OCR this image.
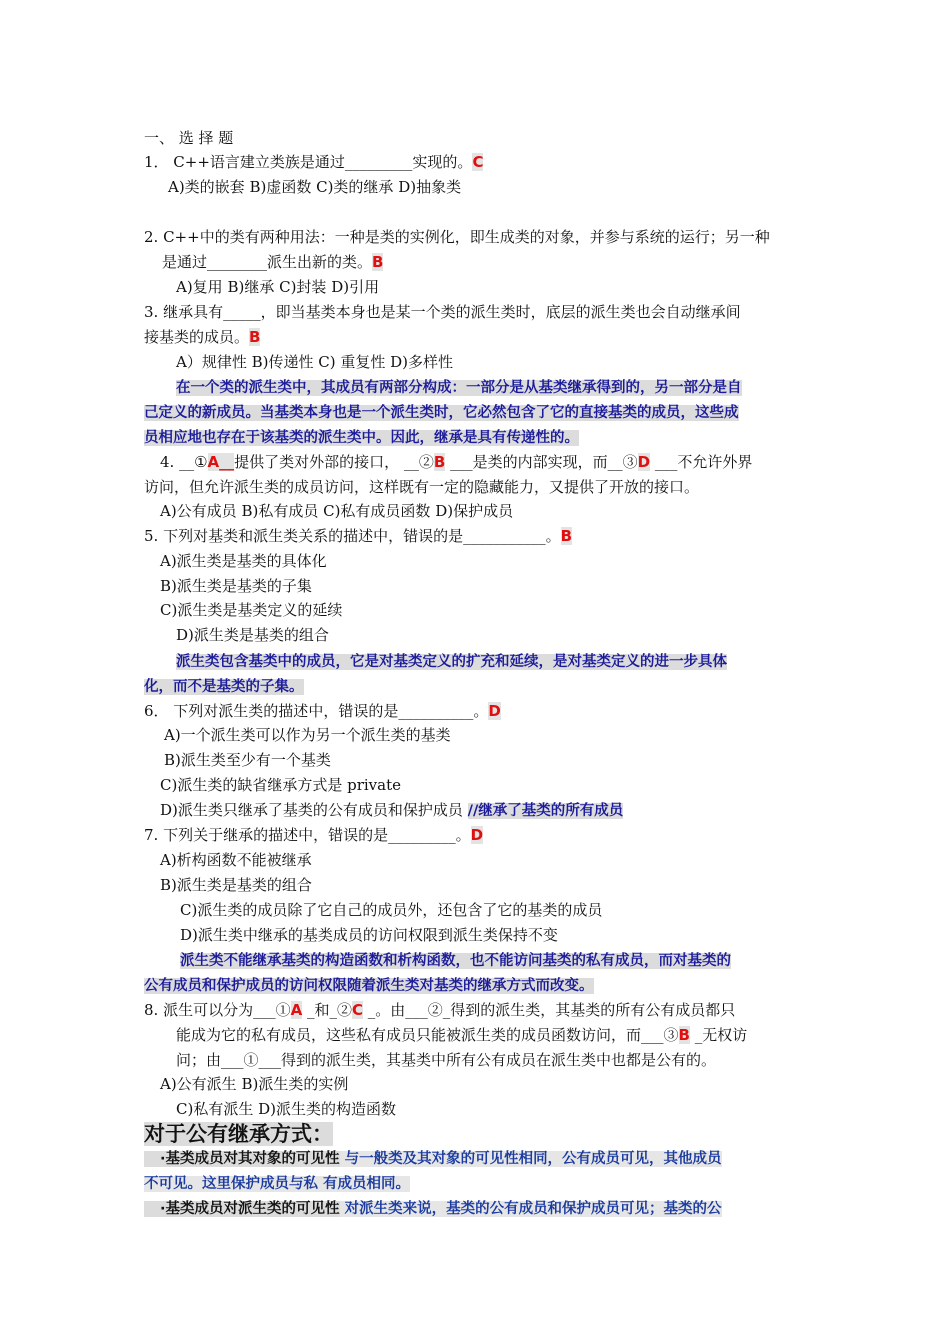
一、 选 择 题
1． C++语言建立类族是通过_________实现的。C
A)类的嵌套 B)虚函数 C)类的继承 D)抽象类
2. C++中的类有两种用法：一种是类的实例化，即生成类的对象，并参与系统的运行；另一种
是通过________派生出新的类。B
A)复用 B)继承 C)封装 D)引用
3. 继承具有_____，即当基类本身也是某一个类的派生类时，底层的派生类也会自动继承间
接基类的成员。B
A）规律性 B)传递性 C) 重复性 D)多样性
在一个类的派生类中，其成员有两部分构成：一部分是从基类继承得到的，另一部分是自
己定义的新成员。当基类本身也是一个派生类时，它必然包含了它的直接基类的成员，这些成
员相应地也存在于该基类的派生类中。因此，继承是具有传递性的。
4. __①A__提供了类对外部的接口， __②B ___是类的内部实现，而__③D ___不允许外界
访问，但允许派生类的成员访问，这样既有一定的隐藏能力，又提供了开放的接口。
A)公有成员 B)私有成员 C)私有成员函数 D)保护成员
5. 下列对基类和派生类关系的描述中，错误的是___________。B
A)派生类是基类的具体化
B)派生类是基类的子集
C)派生类是基类定义的延续
D)派生类是基类的组合
派生类包含基类中的成员，它是对基类定义的扩充和延续，是对基类定义的进一步具体
化，而不是基类的子集。
6． 下列对派生类的描述中，错误的是__________。D
A)一个派生类可以作为另一个派生类的基类
B)派生类至少有一个基类
C)派生类的缺省继承方式是 private
D)派生类只继承了基类的公有成员和保护成员 //继承了基类的所有成员
7. 下列关于继承的描述中，错误的是_________。D
A)析构函数不能被继承
B)派生类是基类的组合
C)派生类的成员除了它自己的成员外，还包含了它的基类的成员
D)派生类中继承的基类成员的访问权限到派生类保持不变
派生类不能继承基类的构造函数和析构函数，也不能访问基类的私有成员，而对基类的
公有成员和保护成员的访问权限随着派生类对基类的继承方式而改变。
8. 派生可以分为___①A _和_②C _。由___②_得到的派生类，其基类的所有公有成员都只
能成为它的私有成员，这些私有成员只能被派生类的成员函数访问，而___③B _无权访
问；由___①___得到的派生类，其基类中所有公有成员在派生类中也都是公有的。
A)公有派生 B)派生类的实例
C)私有派生 D)派生类的构造函数
对于公有继承方式：
·基类成员对其对象的可见性 与一般类及其对象的可见性相同，公有成员可见，其他成员
不可见。这里保护成员与私 有成员相同。
·基类成员对派生类的可见性 对派生类来说，基类的公有成员和保护成员可见；基类的公
